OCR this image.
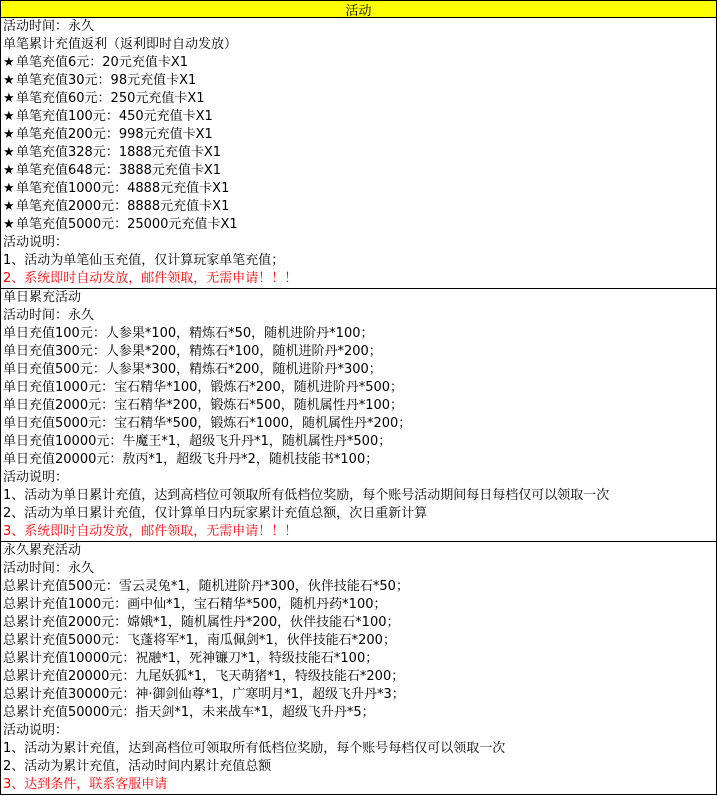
活动
活动时间：永久
单笔累计充值返利（返利即时自动发放）
★单笔充值6元：20元充值卡X1
★单笔充值30元：98元充值卡X1
★单笔充值60元：250元充值卡X1
★单笔充值100元：450元充值卡X1
★单笔充值200元：998元充值卡X1
★单笔充值328元：1888元充值卡X1
★单笔充值648元：3888元充值卡X1
★单笔充值1000元：4888元充值卡X1
★单笔充值2000元：8888元充值卡X1
★单笔充值5000元：25000元充值卡X1
活动说明：
1、活动为单笔仙玉充值，仅计算玩家单笔充值；
2、系统即时自动发放，邮件领取，无需申请！！！
单日累充活动
活动时间：永久
单日充值100元：人参果*100，精炼石*50，随机进阶丹*100；
单日充值300元：人参果*200，精炼石*100，随机进阶丹*200；
单日充值500元：人参果*300，精炼石*200，随机进阶丹*300；
单日充值1000元：宝石精华*100，锻炼石*200，随机进阶丹*500；
单日充值2000元：宝石精华*200，锻炼石*500，随机属性丹*100；
单日充值5000元：宝石精华*500，锻炼石*1000，随机属性丹*200；
单日充值10000元：牛魔王*1，超级飞升丹*1，随机属性丹*500；
单日充值20000元：敖丙*1，超级飞升丹*2，随机技能书*100；
活动说明：
1、活动为单日累计充值，达到高档位可领取所有低档位奖励，每个账号活动期间每日每档仅可以领取一次
2、活动为单日累计充值，仅计算单日内玩家累计充值总额，次日重新计算
3、系统即时自动发放，邮件领取，无需申请！！！
永久累充活动
活动时间：永久
总累计充值500元：雪云灵兔*1，随机进阶丹*300，伙伴技能石*50；
总累计充值1000元：画中仙*1，宝石精华*500，随机丹药*100；
总累计充值2000元：嫦娥*1，随机属性丹*200，伙伴技能石*100；
总累计充值5000元：飞蓬将军*1，南瓜佩剑*1，伙伴技能石*200；
总累计充值10000元：祝融*1，死神镰刀*1，特级技能石*100；
总累计充值20000元：九尾妖狐*1，飞天萌猪*1，特级技能石*200；
总累计充值30000元：神·御剑仙尊*1，广寒明月*1，超级飞升丹*3；
总累计充值50000元：指天剑*1，未来战车*1，超级飞升丹*5；
活动说明：
1、活动为累计充值，达到高档位可领取所有低档位奖励，每个账号每档仅可以领取一次
2、活动为累计充值，活动时间内累计充值总额
3、达到条件，联系客服申请
